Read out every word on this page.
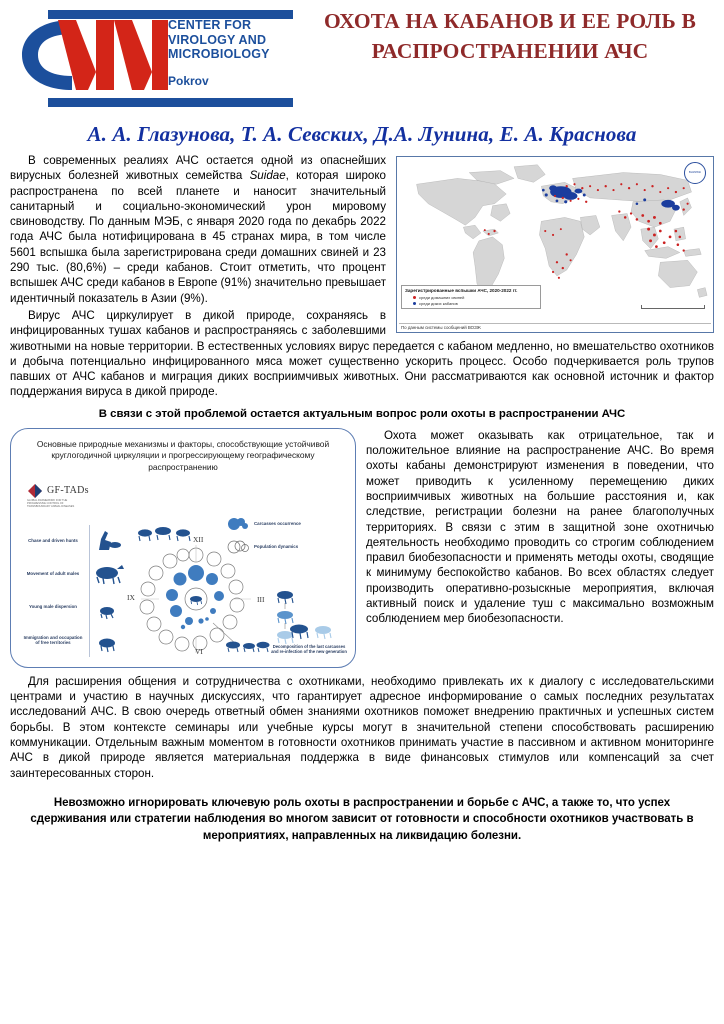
CENTER FOR
VIROLOGY AND
MICROBIOLOGY
Pokrov
ОХОТА НА КАБАНОВ И ЕЕ РОЛЬ В РАСПРОСТРАНЕНИИ АЧС
А. А. Глазунова, Т. А. Севских, Д.А. Лунина, Е. А. Краснова
ВНИИЗЖ
Зарегистрированные вспышки АЧС, 2020-2022 гг.
среди домашних свиней
среди диких кабанов
По данным системы сообщений ВОЗЖ

В современных реалиях АЧС остается одной из опаснейших вирусных болезней животных семейства Suidae, которая широко распространена по всей планете и наносит значительный санитарный и социально-экономический урон мировому свиноводству. По данным МЭБ, с января 2020 года по декабрь 2022 года АЧС была нотифицирована в 45 странах мира, в том числе 5601 вспышка была зарегистрирована среди домашних свиней и 23 290 тыс. (80,6%) – среди кабанов. Стоит отметить, что процент вспышек АЧС среди кабанов в Европе (91%) значительно превышает идентичный показатель в Азии (9%).

Вирус АЧС циркулирует в дикой природе, сохраняясь в инфицированных тушах кабанов и распространяясь с заболевшими животными на новые территории. В естественных условиях вирус передается с кабаном медленно, но вмешательство охотников и добыча потенциально инфицированного мяса может существенно ускорить процесс. Особо подчеркивается роль трупов павших от АЧС кабанов и миграция диких восприимчивых животных. Они рассматриваются как основной источник и фактор поддержания вируса в дикой природе.

В связи с этой проблемой остается актуальным вопрос роли охоты в распространении АЧС
Основные природные механизмы и факторы, способствующие устойчивой круглогодичной циркуляции и прогрессирующему географическому распространению
GF-TADs
GLOBAL FRAMEWORK FOR THE PROGRESSIVE CONTROL OF TRANSBOUNDARY ANIMAL DISEASES
Chase and driven hunts
Movement of adult males
Young male dispersion
Immigration and occupation of free territories
XII
III
VI
IX
Carcasses occurrence
Population dynamics
Decomposition of the last carcasses and re-infection of the new generation

Охота может оказывать как отрицательное, так и положительное влияние на распространение АЧС. Во время охоты кабаны демонстрируют изменения в поведении, что может приводить к усиленному перемещению диких восприимчивых животных на большие расстояния и, как следствие, регистрации болезни на ранее благополучных территориях. В связи с этим в защитной зоне охотничью деятельность необходимо проводить со строгим соблюдением правил биобезопасности и применять методы охоты, сводящие к минимуму беспокойство кабанов. Во всех областях следует производить оперативно-розыскные мероприятия, включая активный поиск и удаление туш с максимально возможным соблюдением мер биобезопасности.

Для расширения общения и сотрудничества с охотниками, необходимо привлекать их к диалогу с исследовательскими центрами и участию в научных дискуссиях, что гарантирует адресное информирование о самых последних результатах исследований АЧС. В свою очередь ответный обмен знаниями охотников поможет внедрению практичных и успешных систем борьбы. В этом контексте семинары или учебные курсы могут в значительной степени способствовать расширению коммуникации. Отдельным важным моментом в готовности охотников принимать участие в пассивном и активном мониторинге АЧС в дикой природе является материальная поддержка в виде финансовых стимулов или компенсаций за счет заинтересованных сторон.

Невозможно игнорировать ключевую роль охоты в распространении и борьбе с АЧС, а также то, что успех сдерживания или стратегии наблюдения во многом зависит от готовности и способности охотников участвовать в мероприятиях, направленных на ликвидацию болезни.
